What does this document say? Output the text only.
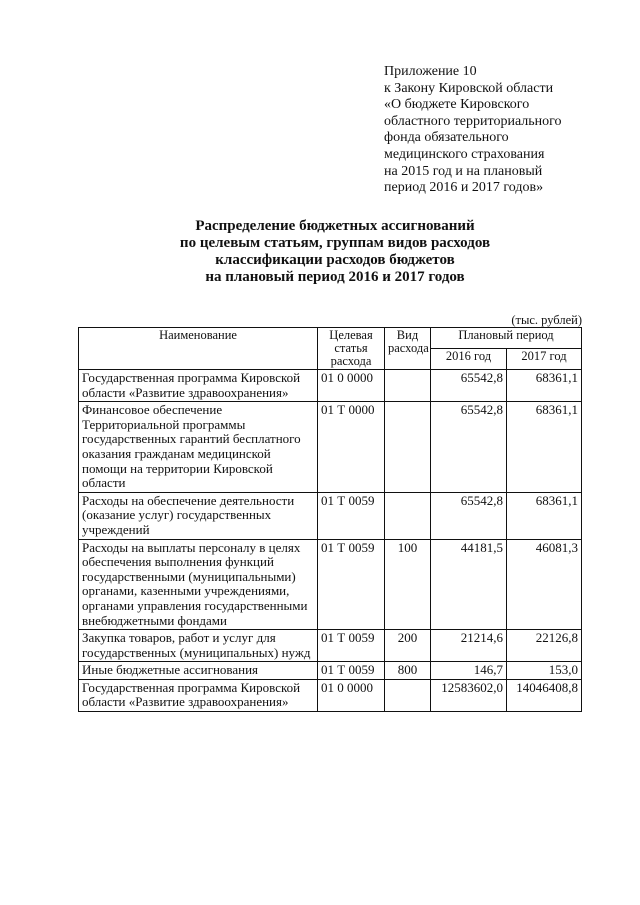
Приложение 10
к Закону Кировской области
«О бюджете Кировского
областного территориального
фонда обязательного
медицинского страхования
на 2015 год и на плановый
период 2016 и 2017 годов»
Распределение бюджетных ассигнований
по целевым статьям, группам видов расходов
классификации расходов бюджетов
на плановый период 2016 и 2017 годов
(тыс. рублей)
Наименование	Целевая статья расхода	Вид расхода	Плановый период	
			2016 год	2017 год
Государственная программа Кировской области «Развитие здравоохранения»	01 0 0000		65542,8	68361,1
Финансовое обеспечение Территориальной программы государственных гарантий бесплатного оказания гражданам медицинской помощи на территории Кировской области	01 Т 0000		65542,8	68361,1
Расходы на обеспечение деятельности (оказание услуг) государственных учреждений	01 Т 0059		65542,8	68361,1
Расходы на выплаты персоналу в целях обеспечения выполнения функций государственными (муниципальными) органами, казенными учреждениями, органами управления государственными внебюджетными фондами	01 Т 0059	100	44181,5	46081,3
Закупка товаров, работ и услуг для государственных (муниципальных) нужд	01 Т 0059	200	21214,6	22126,8
Иные бюджетные ассигнования	01 Т 0059	800	146,7	153,0
Государственная программа Кировской области «Развитие здравоохранения»	01 0 0000		12583602,0	14046408,8
